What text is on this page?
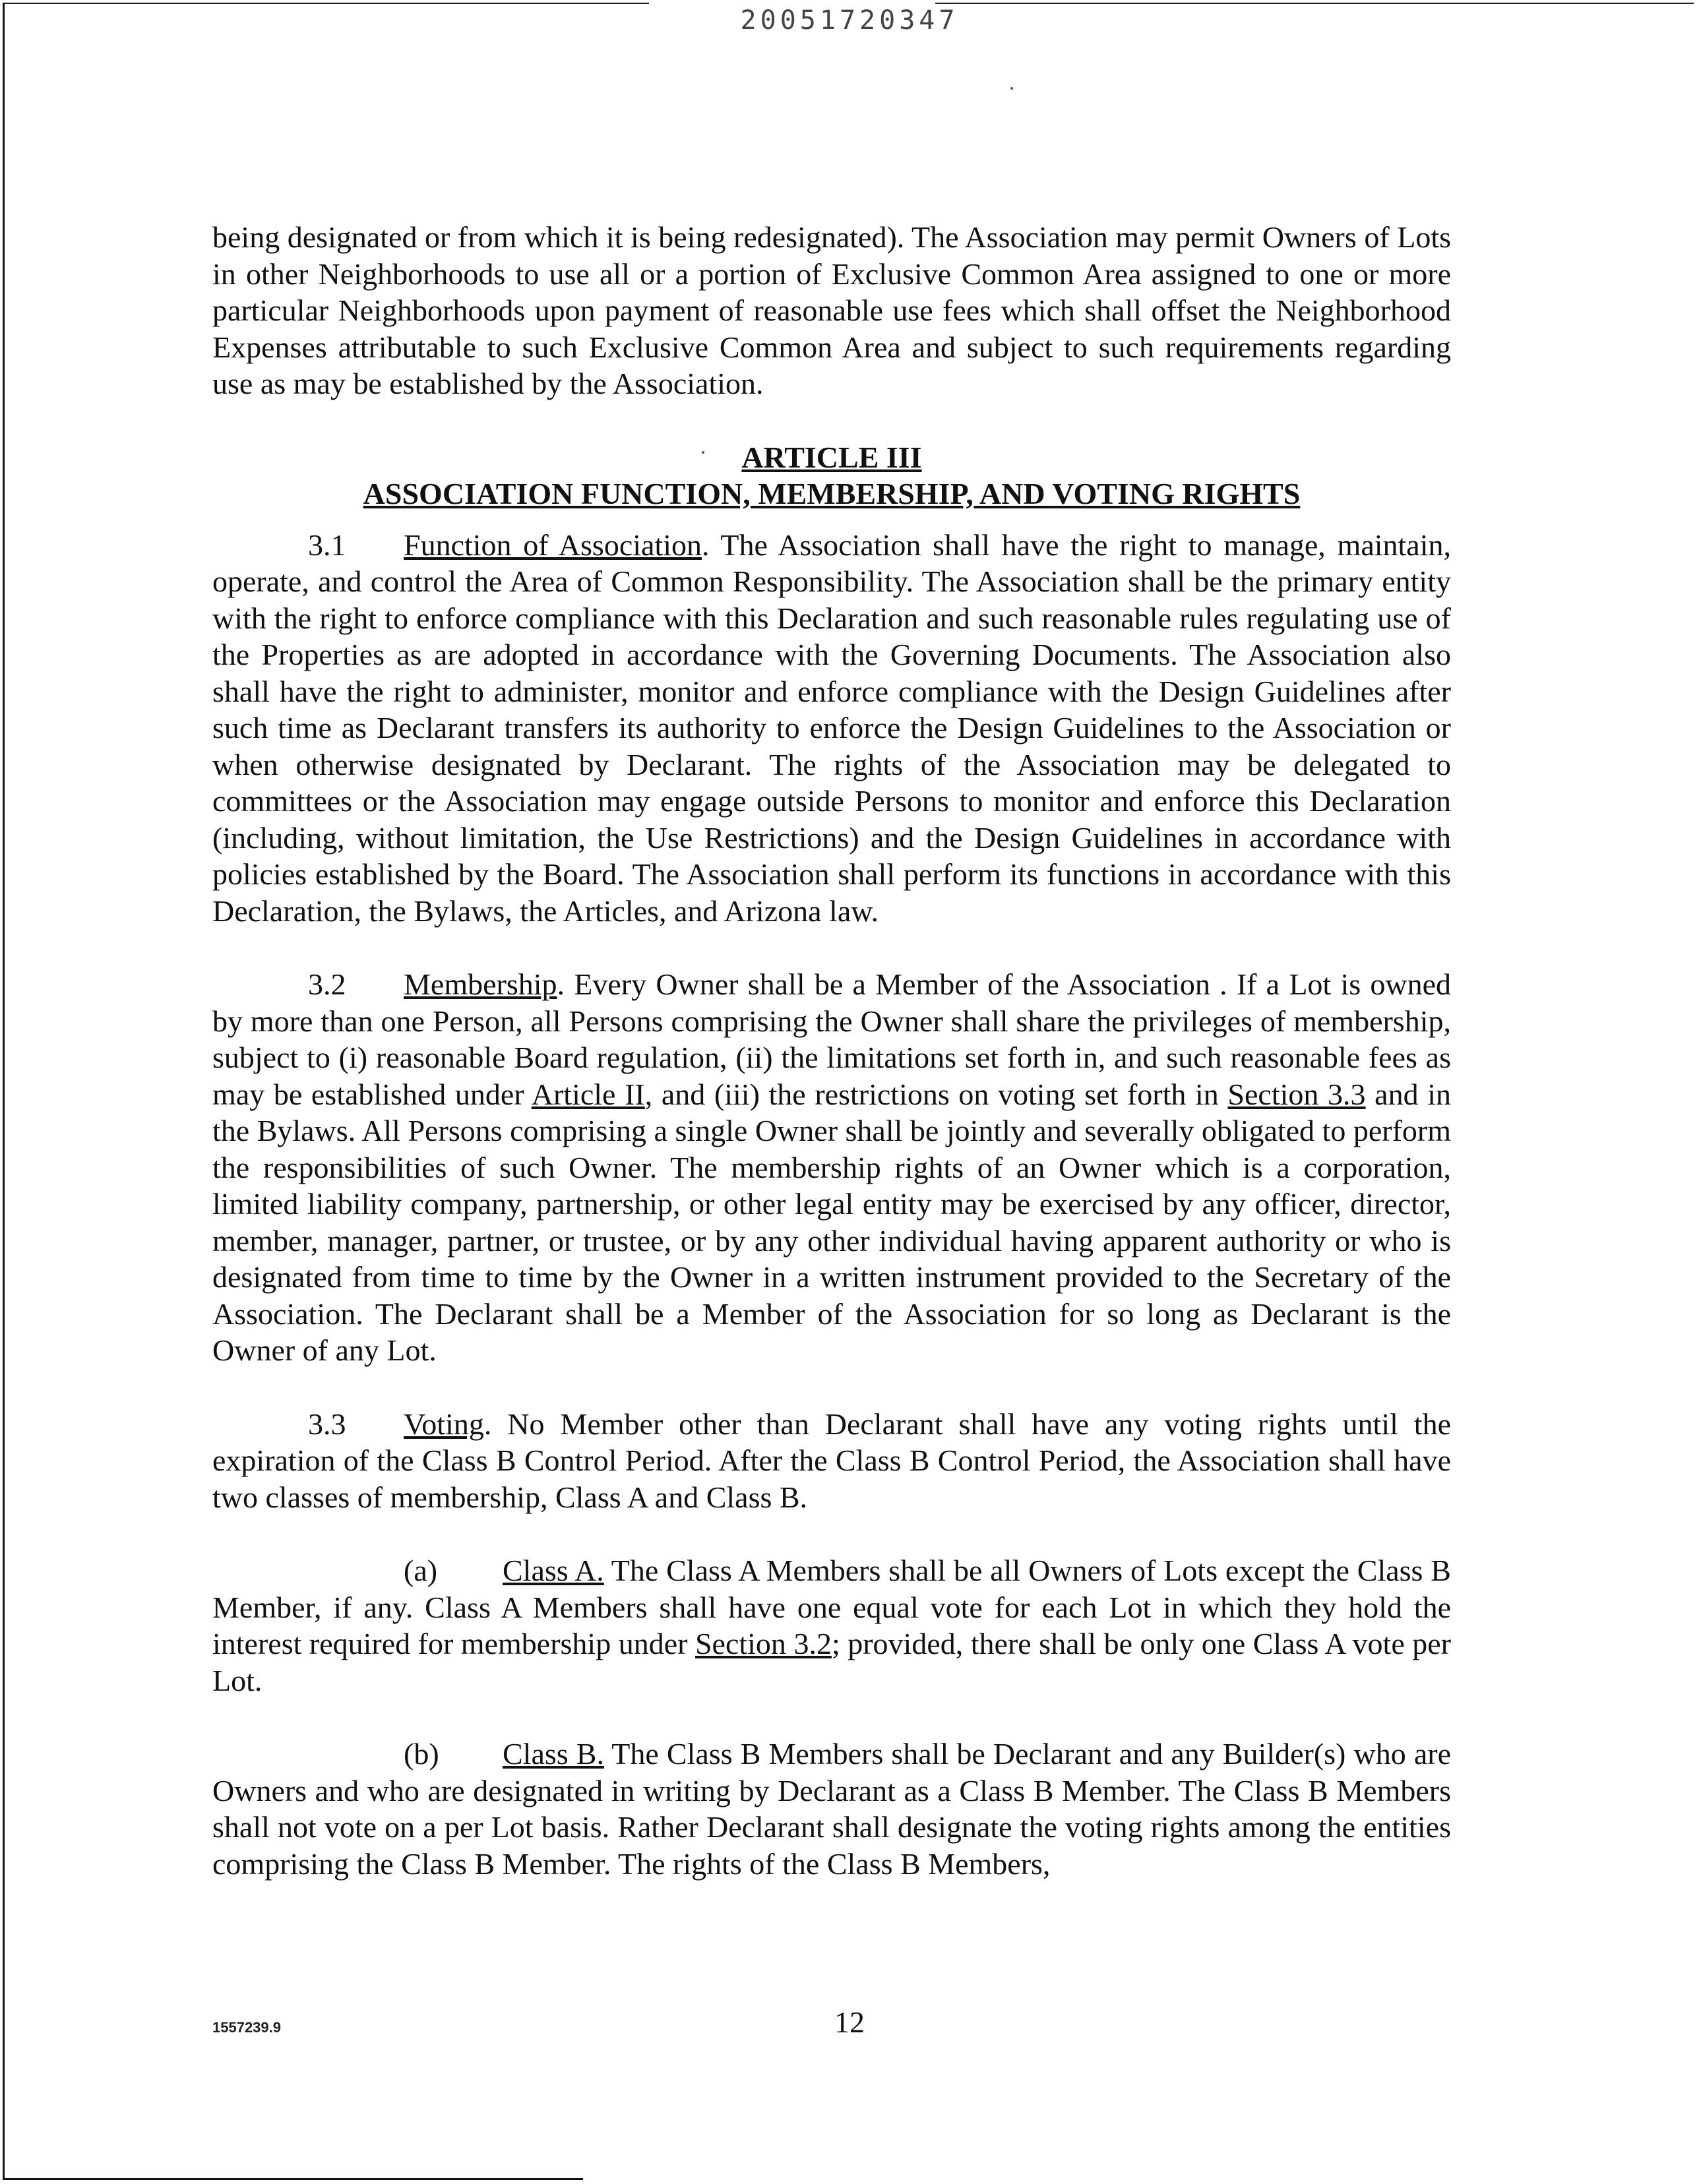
20051720347

being designated or from which it is being redesignated). The Association may permit Owners of Lots in other Neighborhoods to use all or a portion of Exclusive Common Area assigned to one or more particular Neighborhoods upon payment of reasonable use fees which shall offset the Neighborhood Expenses attributable to such Exclusive Common Area and subject to such requirements regarding use as may be established by the Association.

ARTICLE III

ASSOCIATION FUNCTION, MEMBERSHIP, AND VOTING RIGHTS

3.1 Function of Association. The Association shall have the right to manage, maintain, operate, and control the Area of Common Responsibility. The Association shall be the primary entity with the right to enforce compliance with this Declaration and such reasonable rules regulating use of the Properties as are adopted in accordance with the Governing Documents. The Association also shall have the right to administer, monitor and enforce compliance with the Design Guidelines after such time as Declarant transfers its authority to enforce the Design Guidelines to the Association or when otherwise designated by Declarant. The rights of the Association may be delegated to committees or the Association may engage outside Persons to monitor and enforce this Declaration (including, without limitation, the Use Restrictions) and the Design Guidelines in accordance with policies established by the Board. The Association shall perform its functions in accordance with this Declaration, the Bylaws, the Articles, and Arizona law.

3.2 Membership. Every Owner shall be a Member of the Association . If a Lot is owned by more than one Person, all Persons comprising the Owner shall share the privileges of membership, subject to (i) reasonable Board regulation, (ii) the limitations set forth in, and such reasonable fees as may be established under Article II, and (iii) the restrictions on voting set forth in Section 3.3 and in the Bylaws. All Persons comprising a single Owner shall be jointly and severally obligated to perform the responsibilities of such Owner. The membership rights of an Owner which is a corporation, limited liability company, partnership, or other legal entity may be exercised by any officer, director, member, manager, partner, or trustee, or by any other individual having apparent authority or who is designated from time to time by the Owner in a written instrument provided to the Secretary of the Association. The Declarant shall be a Member of the Association for so long as Declarant is the Owner of any Lot.

3.3 Voting. No Member other than Declarant shall have any voting rights until the expiration of the Class B Control Period. After the Class B Control Period, the Association shall have two classes of membership, Class A and Class B.

(a) Class A. The Class A Members shall be all Owners of Lots except the Class B Member, if any. Class A Members shall have one equal vote for each Lot in which they hold the interest required for membership under Section 3.2; provided, there shall be only one Class A vote per Lot.

(b) Class B. The Class B Members shall be Declarant and any Builder(s) who are Owners and who are designated in writing by Declarant as a Class B Member. The Class B Members shall not vote on a per Lot basis. Rather Declarant shall designate the voting rights among the entities comprising the Class B Member. The rights of the Class B Members,

1557239.9	12
